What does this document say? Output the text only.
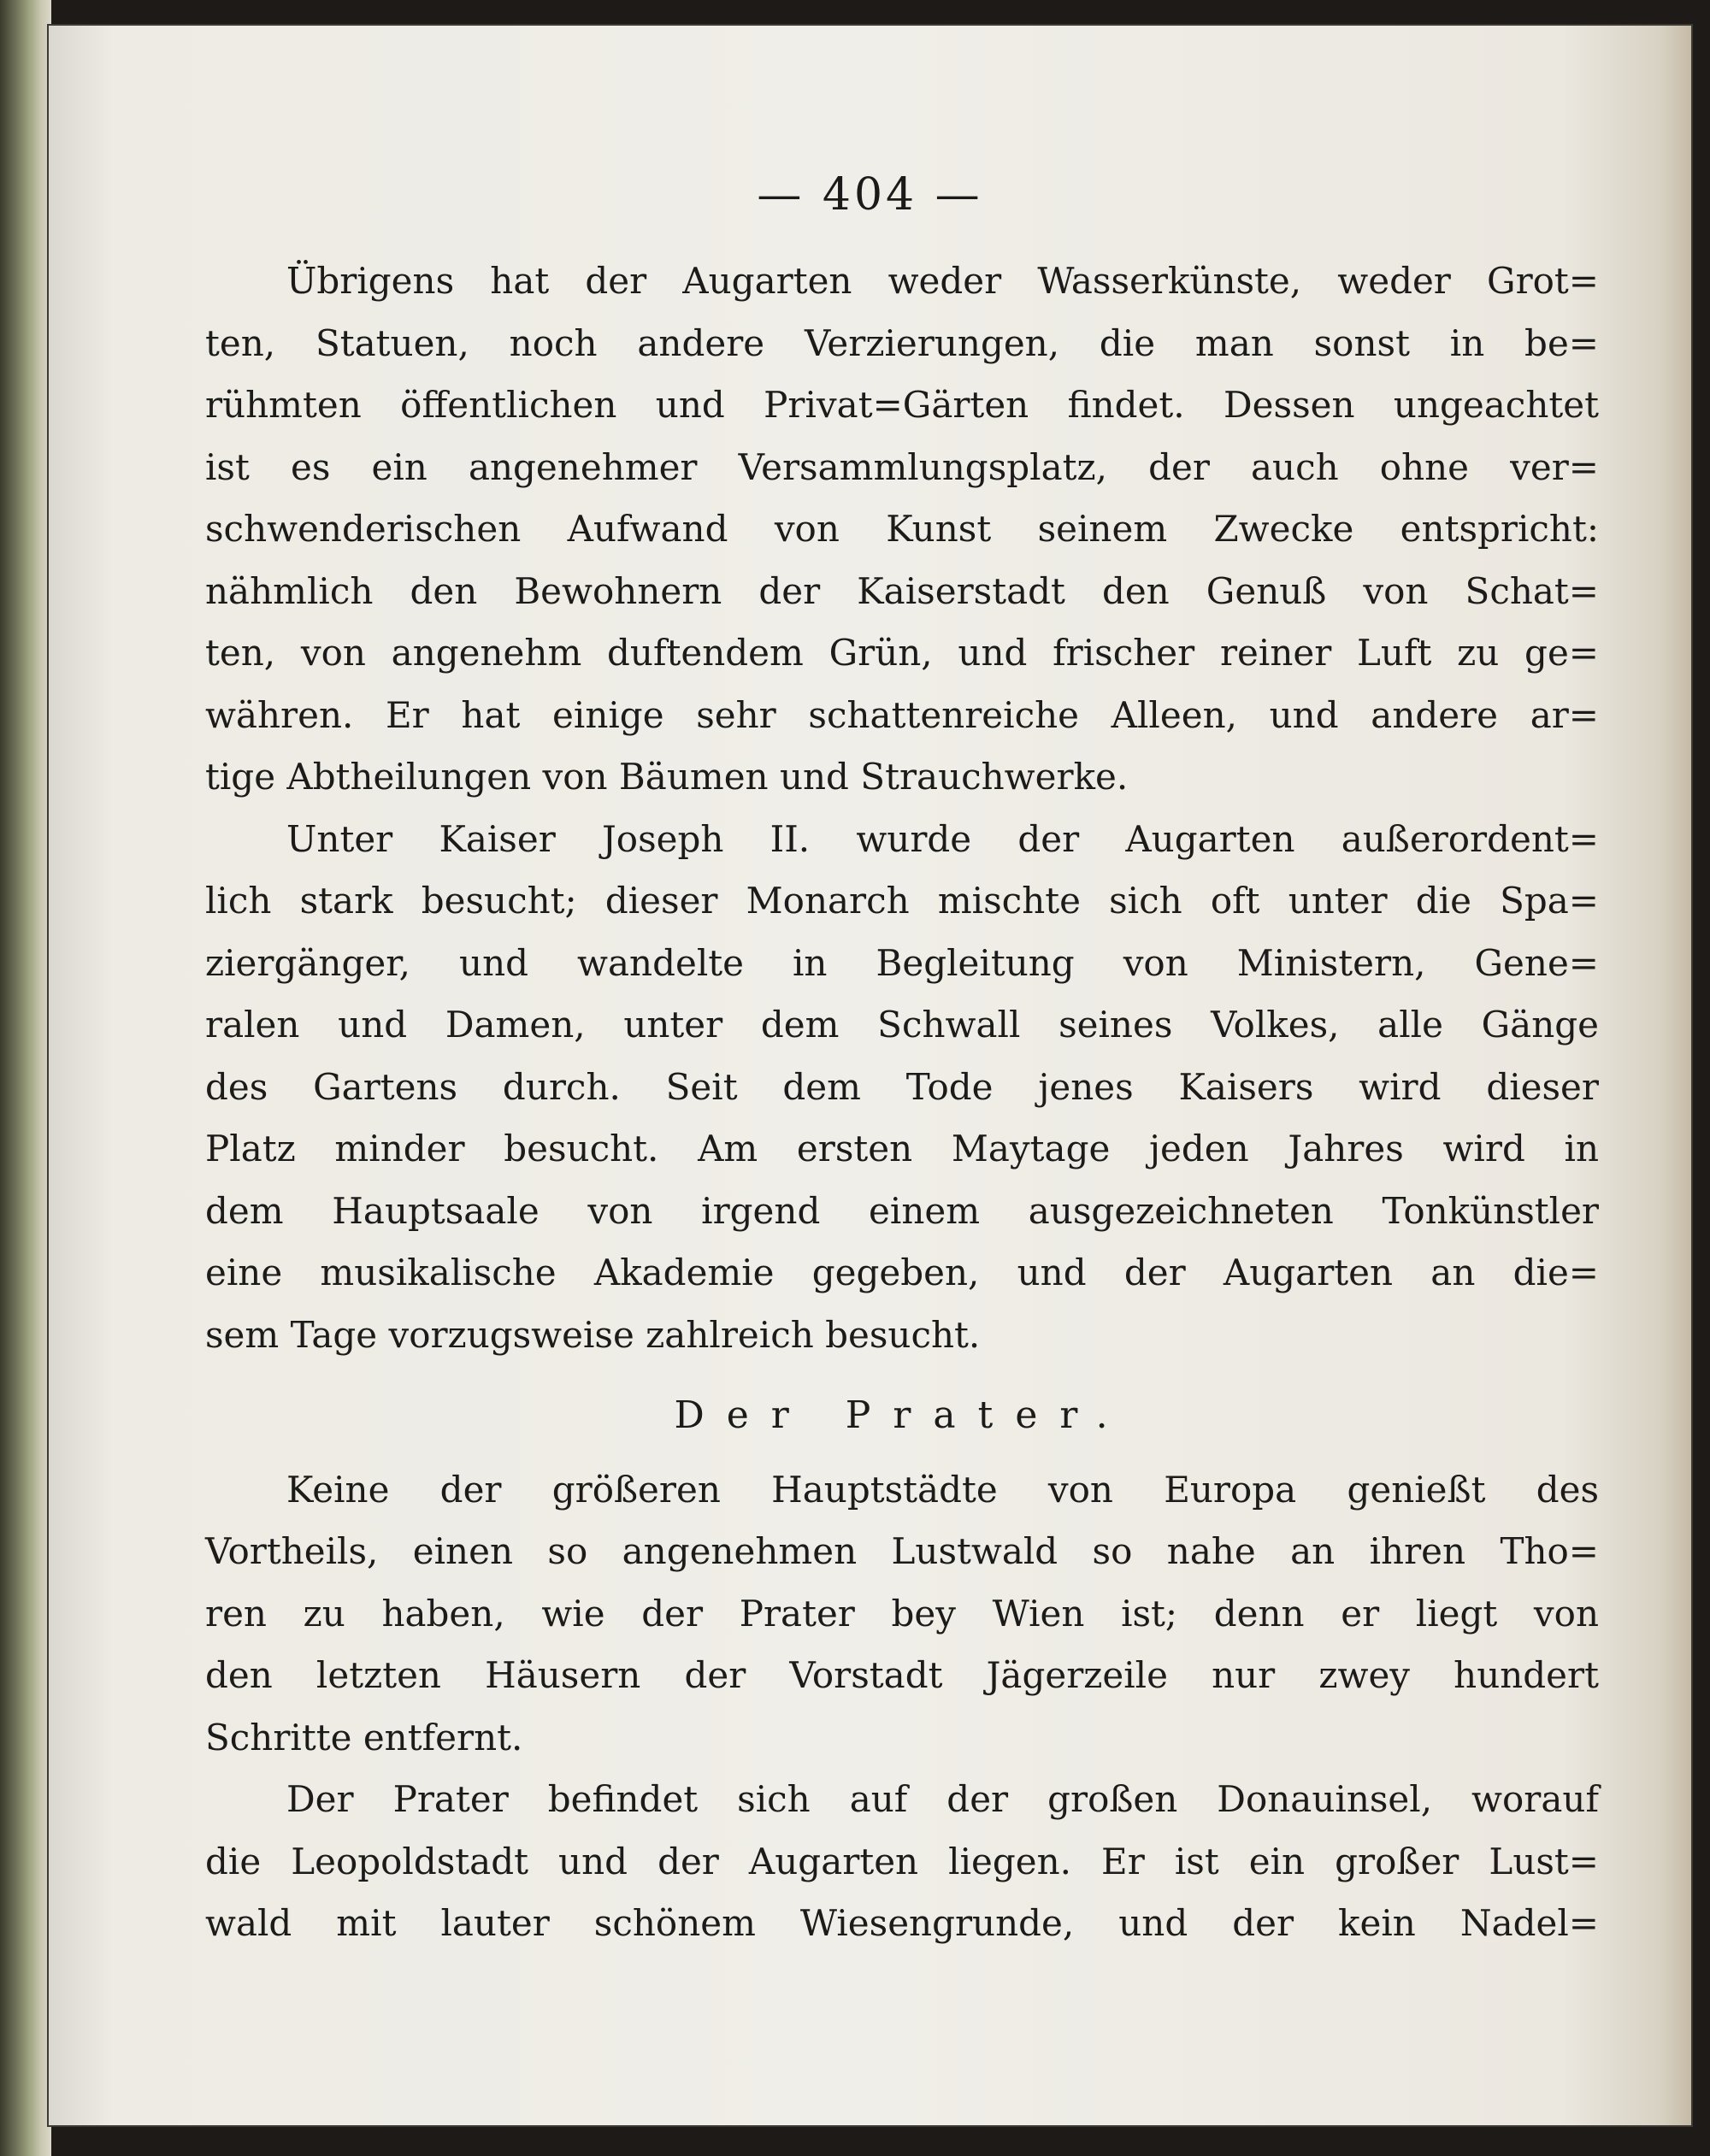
— 404 —
Übrigens hat der Augarten weder Wasserkünste, weder Grot=
ten, Statuen, noch andere Verzierungen, die man sonst in be=
rühmten öffentlichen und Privat=Gärten findet. Dessen ungeachtet
ist es ein angenehmer Versammlungsplatz, der auch ohne ver=
schwenderischen Aufwand von Kunst seinem Zwecke entspricht:
nähmlich den Bewohnern der Kaiserstadt den Genuß von Schat=
ten, von angenehm duftendem Grün, und frischer reiner Luft zu ge=
währen. Er hat einige sehr schattenreiche Alleen, und andere ar=
tige Abtheilungen von Bäumen und Strauchwerke.
Unter Kaiser Joseph II. wurde der Augarten außerordent=
lich stark besucht; dieser Monarch mischte sich oft unter die Spa=
ziergänger, und wandelte in Begleitung von Ministern, Gene=
ralen und Damen, unter dem Schwall seines Volkes, alle Gänge
des Gartens durch. Seit dem Tode jenes Kaisers wird dieser
Platz minder besucht. Am ersten Maytage jeden Jahres wird in
dem Hauptsaale von irgend einem ausgezeichneten Tonkünstler
eine musikalische Akademie gegeben, und der Augarten an die=
sem Tage vorzugsweise zahlreich besucht.
Der Prater.
Keine der größeren Hauptstädte von Europa genießt des
Vortheils, einen so angenehmen Lustwald so nahe an ihren Tho=
ren zu haben, wie der Prater bey Wien ist; denn er liegt von
den letzten Häusern der Vorstadt Jägerzeile nur zwey hundert
Schritte entfernt.
Der Prater befindet sich auf der großen Donauinsel, worauf
die Leopoldstadt und der Augarten liegen. Er ist ein großer Lust=
wald mit lauter schönem Wiesengrunde, und der kein Nadel=
